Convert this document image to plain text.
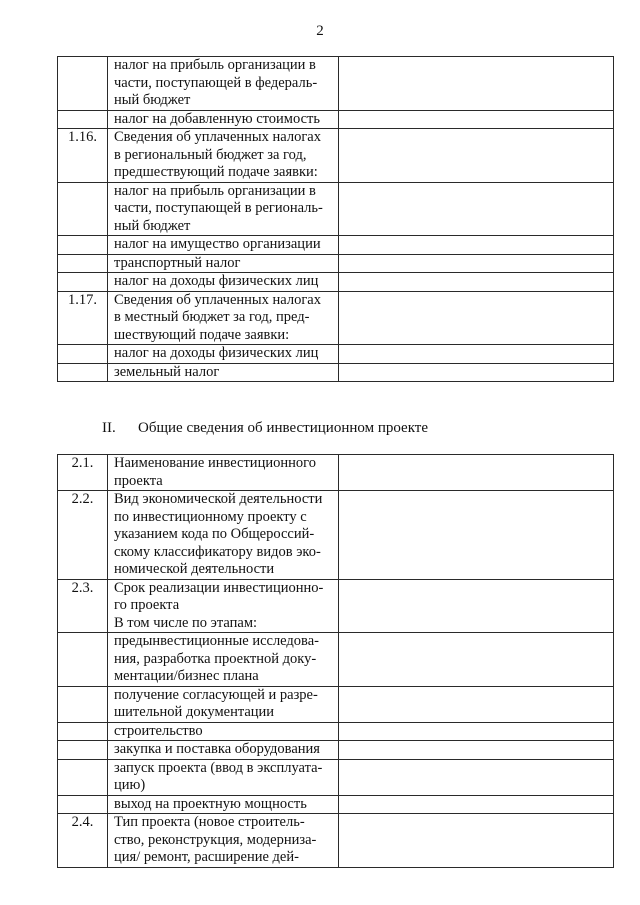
2

	налог на прибыль организации в
части, поступающей в федераль-
ный бюджет	

	налог на добавленную стоимость	

1.16.	Сведения об уплаченных налогах
в региональный бюджет за год,
предшествующий подаче заявки:	

	налог на прибыль организации в
части, поступающей в региональ-
ный бюджет	

	налог на имущество организации	

	транспортный налог	

	налог на доходы физических лиц	

1.17.	Сведения об уплаченных налогах
в местный бюджет за год, пред-
шествующий подаче заявки:	

	налог на доходы физических лиц	

	земельный налог	

II. Общие сведения об инвестиционном проекте
2.1.	Наименование инвестиционного
проекта	

2.2.	Вид экономической деятельности
по инвестиционному проекту с
указанием кода по Общероссий-
скому классификатору видов эко-
номической деятельности	

2.3.	Срок реализации инвестиционно-
го проекта
В том числе по этапам:	

	предынвестиционные исследова-
ния, разработка проектной доку-
ментации/бизнес плана	

	получение согласующей и разре-
шительной документации	

	строительство	

	закупка и поставка оборудования	

	запуск проекта (ввод в эксплуата-
цию)	

	выход на проектную мощность	

2.4.	Тип проекта (новое строитель-
ство, реконструкция, модерниза-
ция/ ремонт, расширение дей-	
